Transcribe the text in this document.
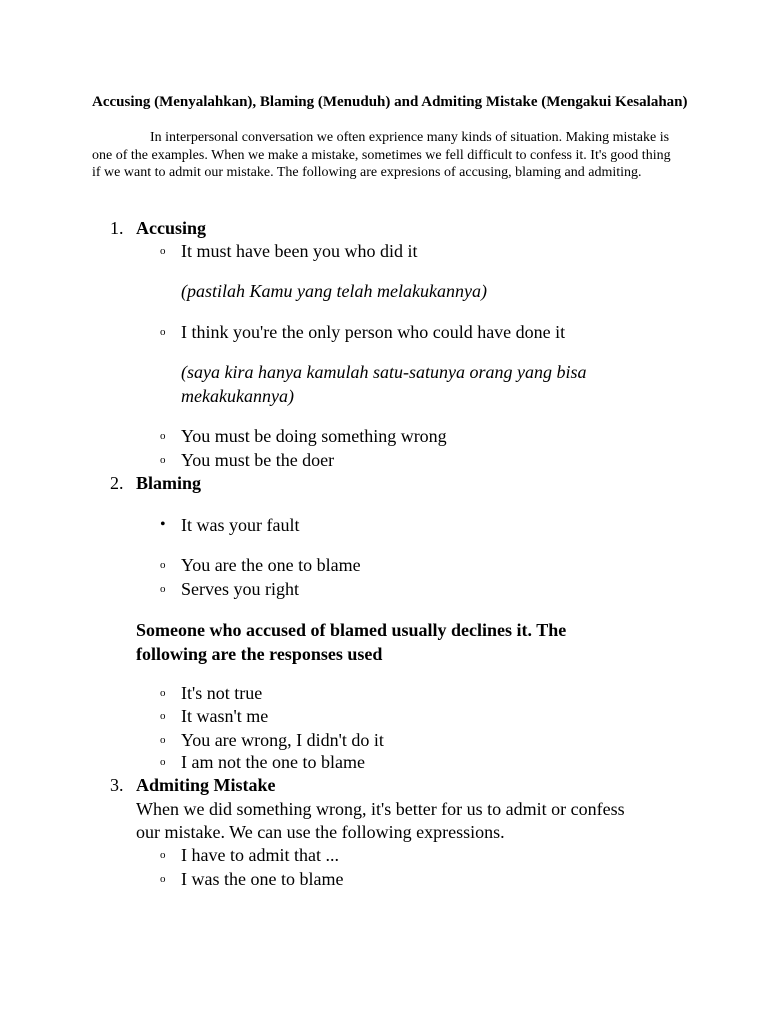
Accusing (Menyalahkan), Blaming (Menuduh) and Admiting Mistake (Mengakui Kesalahan)

In interpersonal conversation we often exprience many kinds of situation. Making mistake is one of the examples. When we make a mistake, sometimes we fell difficult to confess it. It's good thing if we want to admit our mistake. The following are expresions of accusing, blaming and admiting.

1. Accusing
o It must have been you who did it
(pastilah Kamu yang telah melakukannya)
o I think you're the only person who could have done it
(saya kira hanya kamulah satu-satunya orang yang bisa mekakukannya)
o You must be doing something wrong
o You must be the doer
2. Blaming
• It was your fault
o You are the one to blame
o Serves you right
Someone who accused of blamed usually declines it. The following are the responses used
o It's not true
o It wasn't me
o You are wrong, I didn't do it
o I am not the one to blame
3. Admiting Mistake
When we did something wrong, it's better for us to admit or confess our mistake. We can use the following expressions.
o I have to admit that ...
o I was the one to blame
